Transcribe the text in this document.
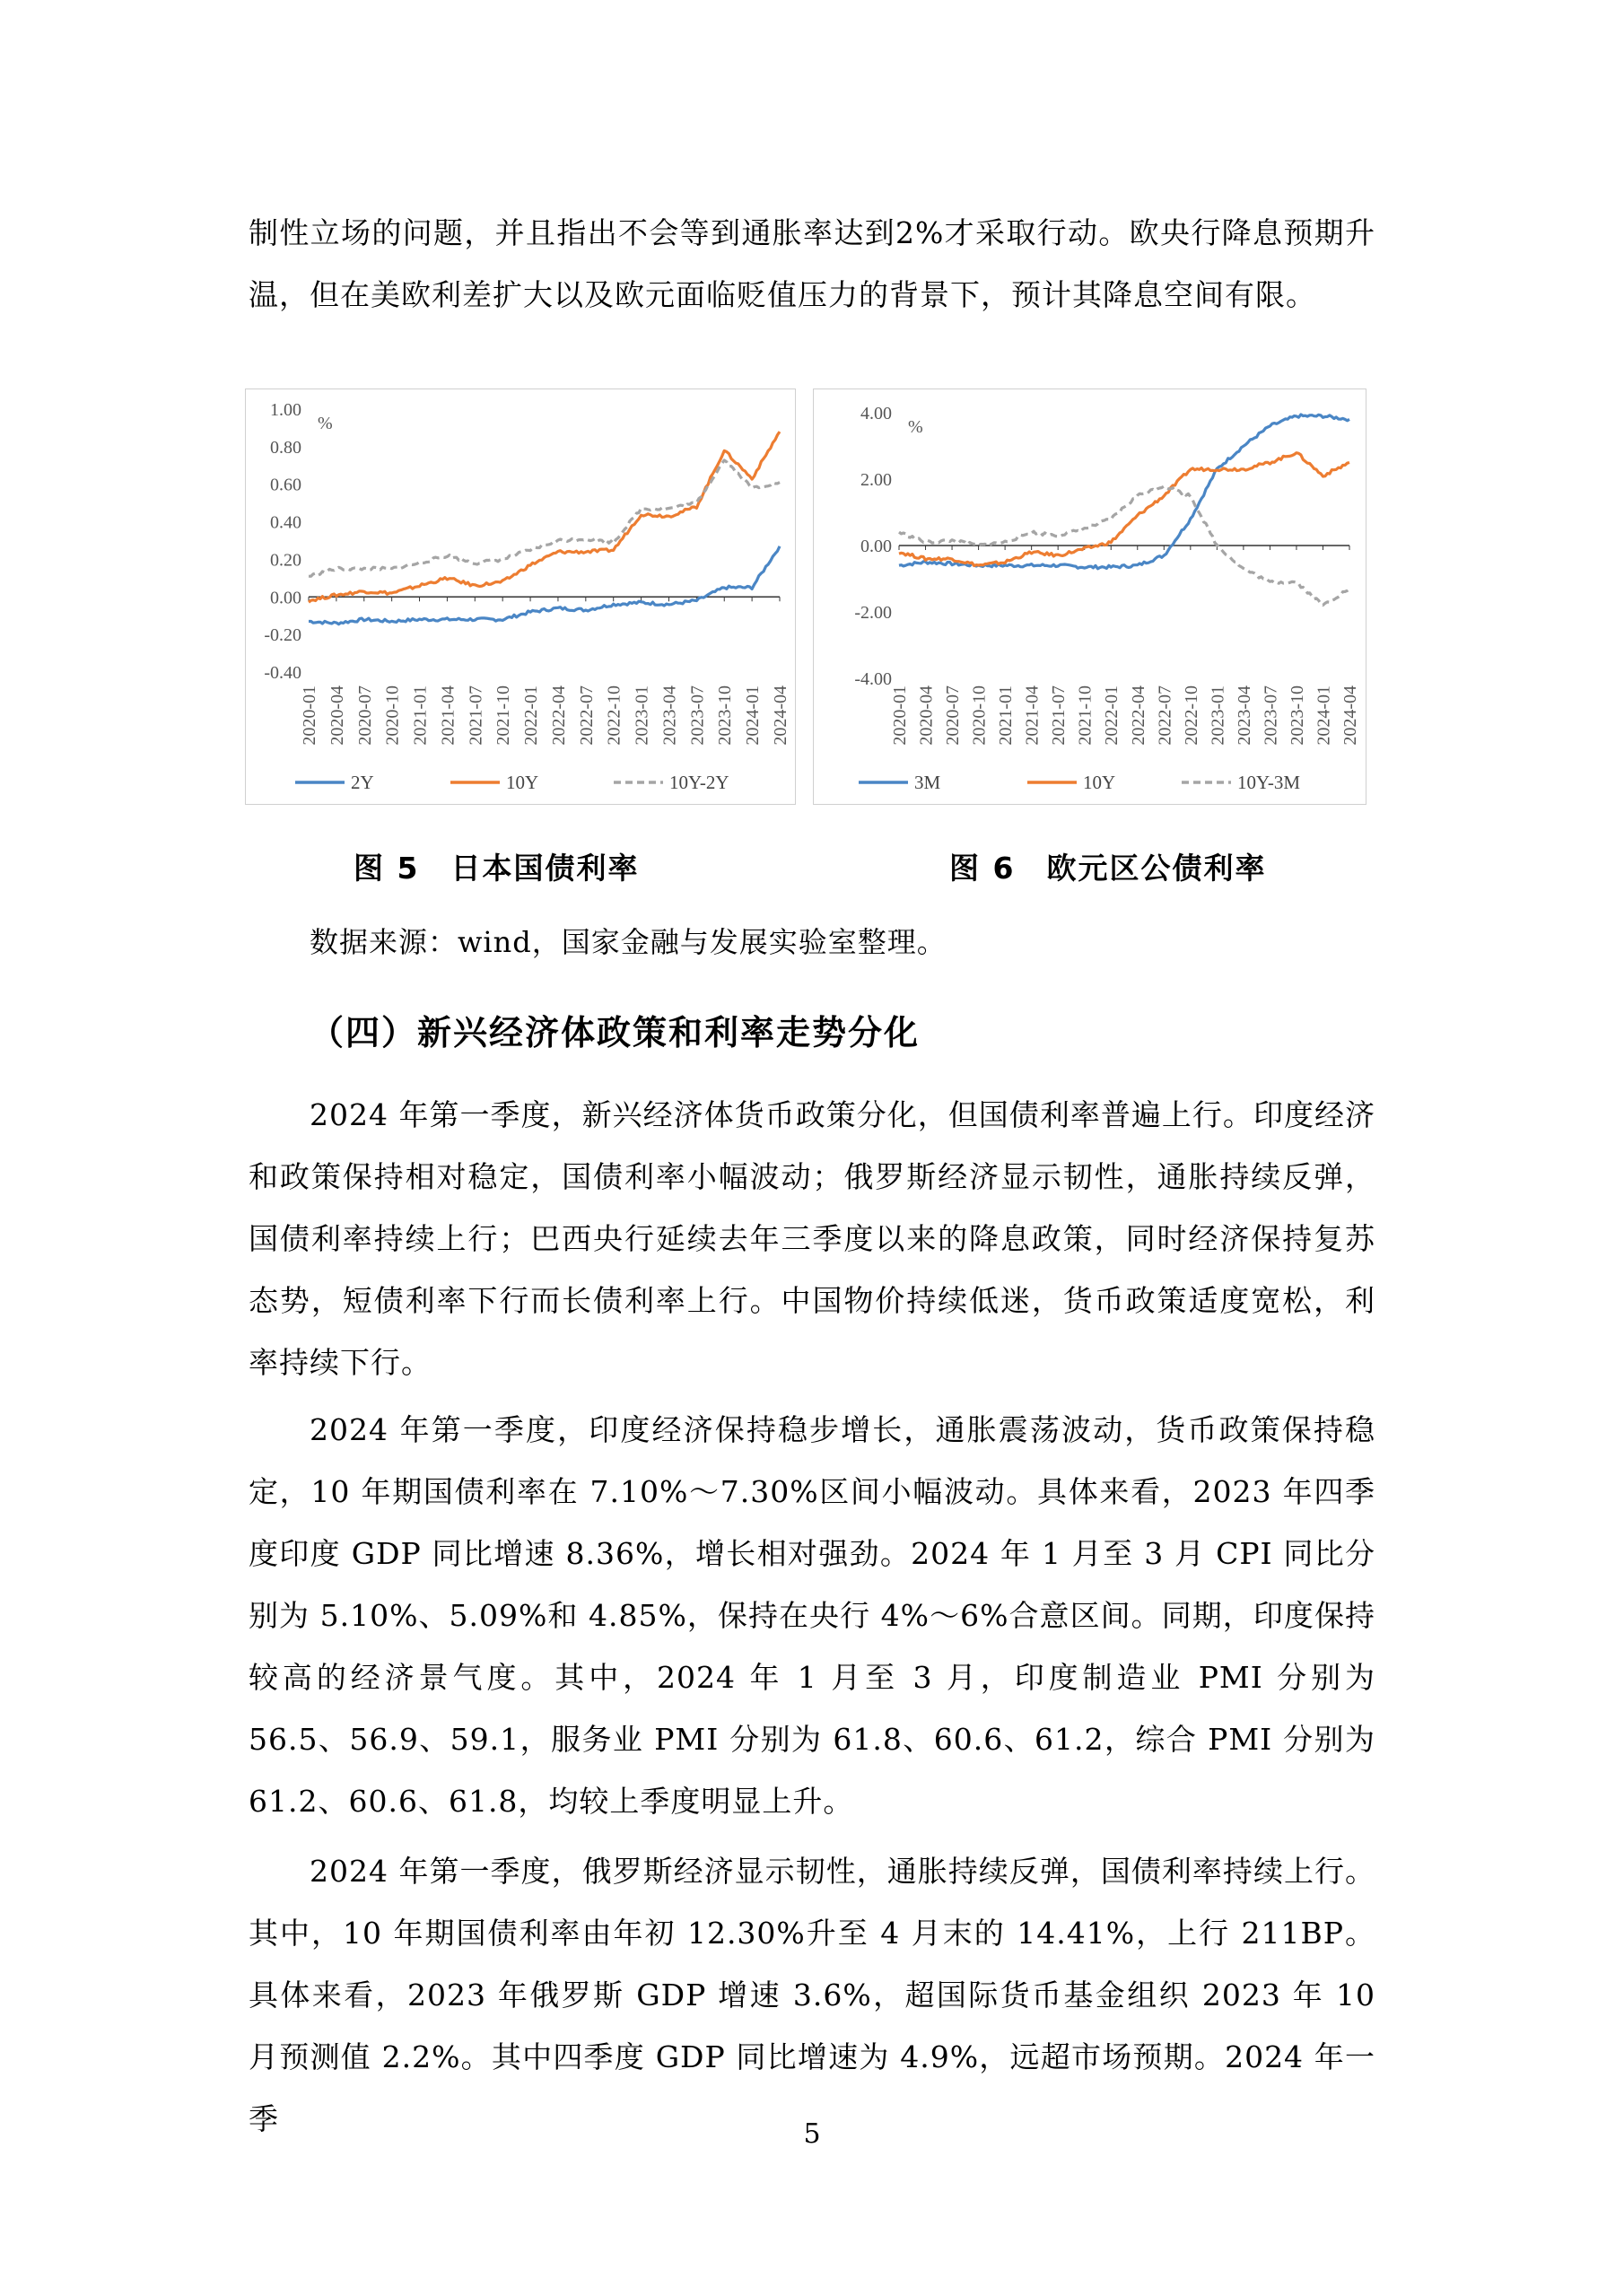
制性立场的问题，并且指出不会等到通胀率达到2%才采取行动。欧央行降息预期升温，但在美欧利差扩大以及欧元面临贬值压力的背景下，预计其降息空间有限。
1.00
0.80
0.60
0.40
0.20
0.00
-0.20
-0.40
%
2020-01 2020-04 2020-07 2020-10 2021-01 2021-04 2021-07 2021-10 2022-01 2022-04 2022-07 2022-10 2023-01 2023-04 2023-07 2023-10 2024-01 2024-04
2Y	10Y	10Y-2Y
4.00
2.00
0.00
-2.00
-4.00
%
2020-01 2020-04 2020-07 2020-10 2021-01 2021-04 2021-07 2021-10 2022-01 2022-04 2022-07 2022-10 2023-01 2023-04 2023-07 2023-10 2024-01 2024-04
3M	10Y	10Y-3M
图 5　日本国债利率	图 6　欧元区公债利率
数据来源：wind，国家金融与发展实验室整理。
（四）新兴经济体政策和利率走势分化
2024 年第一季度，新兴经济体货币政策分化，但国债利率普遍上行。印度经济和政策保持相对稳定，国债利率小幅波动；俄罗斯经济显示韧性，通胀持续反弹，国债利率持续上行；巴西央行延续去年三季度以来的降息政策，同时经济保持复苏态势，短债利率下行而长债利率上行。中国物价持续低迷，货币政策适度宽松，利率持续下行。
2024 年第一季度，印度经济保持稳步增长，通胀震荡波动，货币政策保持稳定，10 年期国债利率在 7.10%～7.30%区间小幅波动。具体来看，2023 年四季度印度 GDP 同比增速 8.36%，增长相对强劲。2024 年 1 月至 3 月 CPI 同比分别为 5.10%、5.09%和 4.85%，保持在央行 4%～6%合意区间。同期，印度保持较高的经济景气度。其中，2024 年 1 月至 3 月，印度制造业 PMI 分别为 56.5、56.9、59.1，服务业 PMI 分别为 61.8、60.6、61.2，综合 PMI 分别为 61.2、60.6、61.8，均较上季度明显上升。
2024 年第一季度，俄罗斯经济显示韧性，通胀持续反弹，国债利率持续上行。其中，10 年期国债利率由年初 12.30%升至 4 月末的 14.41%，上行 211BP。具体来看，2023 年俄罗斯 GDP 增速 3.6%，超国际货币基金组织 2023 年 10 月预测值 2.2%。其中四季度 GDP 同比增速为 4.9%，远超市场预期。2024 年一季	5
